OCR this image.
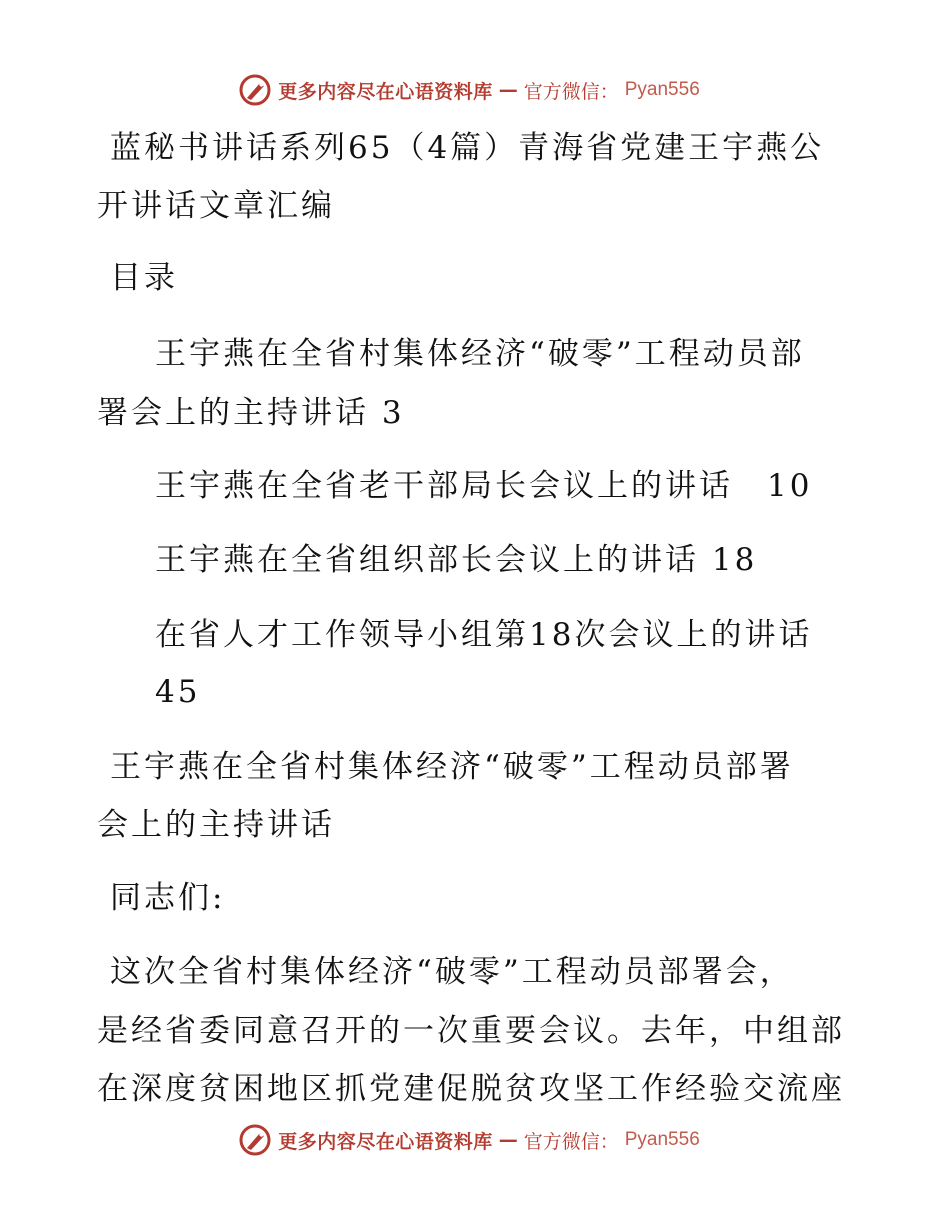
更多内容尽在心语资料库 — 官方微信： Pyan556
蓝秘书讲话系列65（4篇）青海省党建王宇燕公
开讲话文章汇编
目录
王宇燕在全省村集体经济“破零”工程动员部
署会上的主持讲话 3
王宇燕在全省老干部局长会议上的讲话　10
王宇燕在全省组织部长会议上的讲话 18
在省人才工作领导小组第18次会议上的讲话
45
王宇燕在全省村集体经济“破零”工程动员部署
会上的主持讲话
同志们:
这次全省村集体经济“破零”工程动员部署会，
是经省委同意召开的一次重要会议。去年，中组部
在深度贫困地区抓党建促脱贫攻坚工作经验交流座
更多内容尽在心语资料库 — 官方微信： Pyan556
